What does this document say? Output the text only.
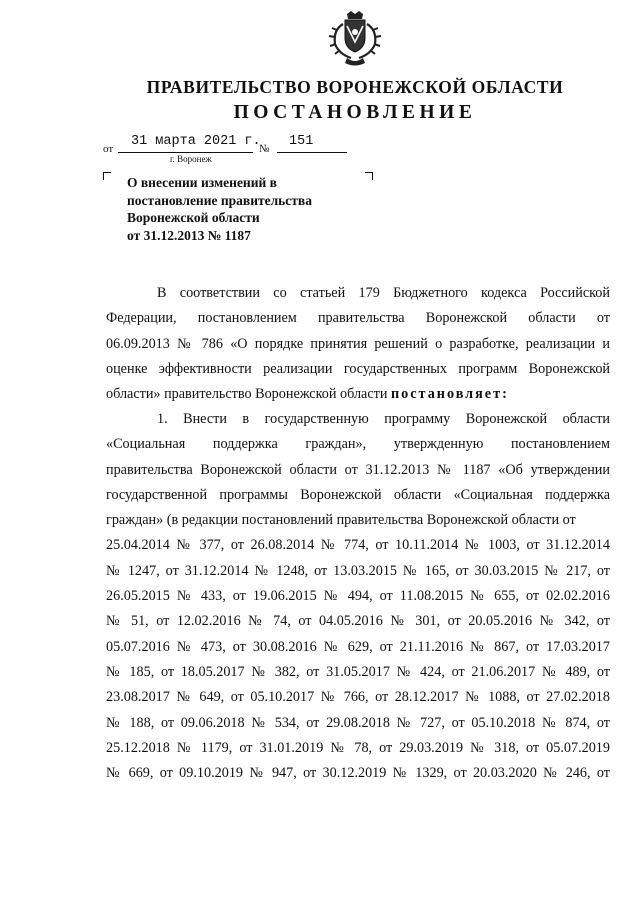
ПРАВИТЕЛЬСТВО ВОРОНЕЖСКОЙ ОБЛАСТИ
ПОСТАНОВЛЕНИЕ
от 31 марта 2021 г.
№ 151
г. Воронеж
О внесении изменений в
постановление правительства
Воронежской области
от 31.12.2013 № 1187
В соответствии со статьей 179 Бюджетного кодекса Российской
Федерации, постановлением правительства Воронежской области от
06.09.2013 № 786 «О порядке принятия решений о разработке, реализации и
оценке эффективности реализации государственных программ Воронежской
области» правительство Воронежской области постановляет:
1. Внести в государственную программу Воронежской области
«Социальная поддержка граждан», утвержденную постановлением
правительства Воронежской области от 31.12.2013 № 1187 «Об утверждении
государственной программы Воронежской области «Социальная поддержка
граждан» (в редакции постановлений правительства Воронежской области от
25.04.2014 № 377, от 26.08.2014 № 774, от 10.11.2014 № 1003, от 31.12.2014
№ 1247, от 31.12.2014 № 1248, от 13.03.2015 № 165, от 30.03.2015 № 217, от
26.05.2015 № 433, от 19.06.2015 № 494, от 11.08.2015 № 655, от 02.02.2016
№ 51, от 12.02.2016 № 74, от 04.05.2016 № 301, от 20.05.2016 № 342, от
05.07.2016 № 473, от 30.08.2016 № 629, от 21.11.2016 № 867, от 17.03.2017
№ 185, от 18.05.2017 № 382, от 31.05.2017 № 424, от 21.06.2017 № 489, от
23.08.2017 № 649, от 05.10.2017 № 766, от 28.12.2017 № 1088, от 27.02.2018
№ 188, от 09.06.2018 № 534, от 29.08.2018 № 727, от 05.10.2018 № 874, от
25.12.2018 № 1179, от 31.01.2019 № 78, от 29.03.2019 № 318, от 05.07.2019
№ 669, от 09.10.2019 № 947, от 30.12.2019 № 1329, от 20.03.2020 № 246, от
